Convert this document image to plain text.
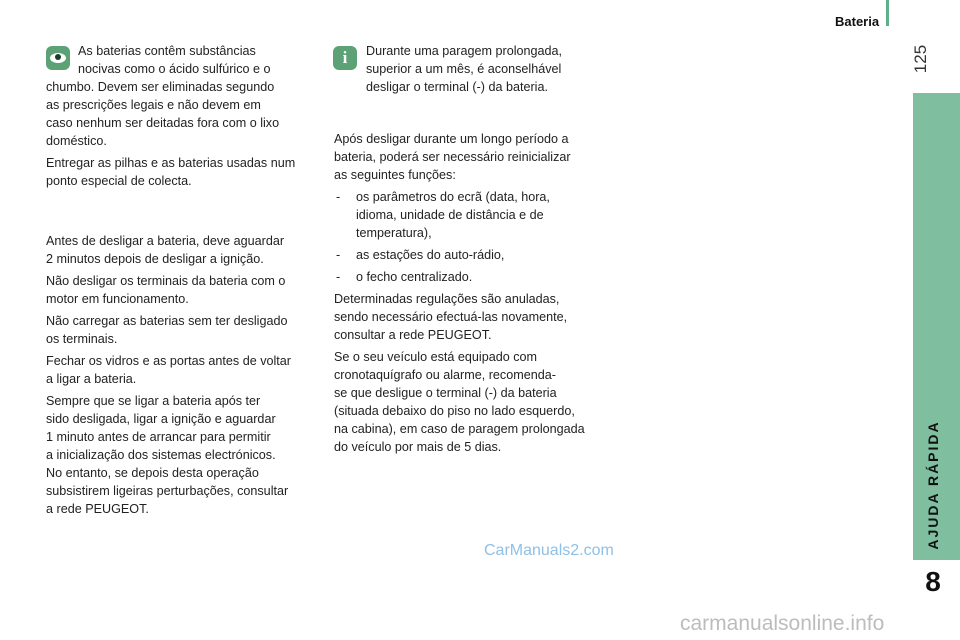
Bateria
125
AJUDA RÁPIDA
8
As baterias contêm substâncias
nocivas como o ácido sulfúrico e o

chumbo. Devem ser eliminadas segundo
as prescrições legais e não devem em
caso nenhum ser deitadas fora com o lixo
doméstico.

Entregar as pilhas e as baterias usadas num
ponto especial de colecta.

Antes de desligar a bateria, deve aguardar
2 minutos depois de desligar a ignição.

Não desligar os terminais da bateria com o
motor em funcionamento.

Não carregar as baterias sem ter desligado
os terminais.

Fechar os vidros e as portas antes de voltar
a ligar a bateria.

Sempre que se ligar a bateria após ter
sido desligada, ligar a ignição e aguardar
1 minuto antes de arrancar para permitir
a inicialização dos sistemas electrónicos.
No entanto, se depois desta operação
subsistirem ligeiras perturbações, consultar
a rede PEUGEOT.

i	Durante uma paragem prolongada,
superior a um mês, é aconselhável
desligar o terminal (-) da bateria.

Após desligar durante um longo período a
bateria, poderá ser necessário reinicializar
as seguintes funções:

- os parâmetros do ecrã (data, hora,
idioma, unidade de distância e de
temperatura),
- as estações do auto-rádio,
- o fecho centralizado.

Determinadas regulações são anuladas,
sendo necessário efectuá-las novamente,
consultar a rede PEUGEOT.

Se o seu veículo está equipado com
cronotaquígrafo ou alarme, recomenda-
se que desligue o terminal (-) da bateria
(situada debaixo do piso no lado esquerdo,
na cabina), em caso de paragem prolongada
do veículo por mais de 5 dias.

CarManuals2.com
carmanualsonline.info
